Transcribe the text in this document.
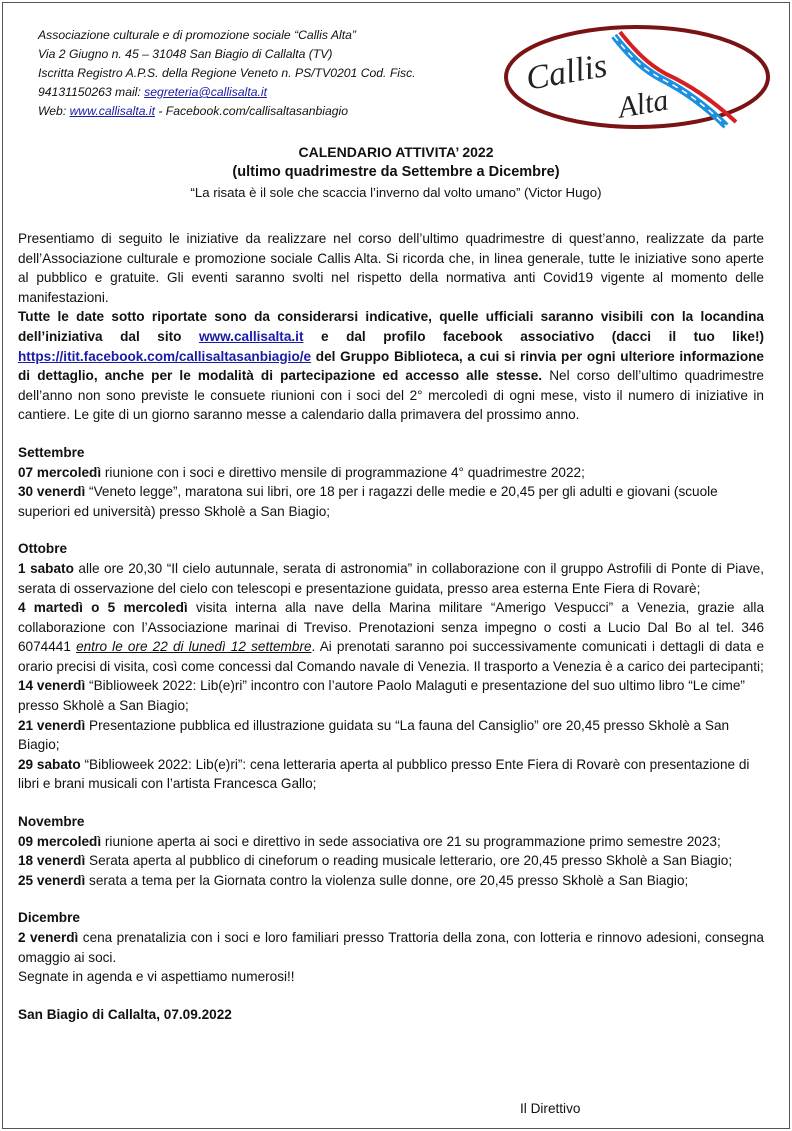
Associazione culturale e di promozione sociale “Callis Alta”
Via 2 Giugno n. 45 – 31048 San Biagio di Callalta (TV)
Iscritta Registro A.P.S. della Regione Veneto n. PS/TV0201 Cod. Fisc.
94131150263 mail: segreteria@callisalta.it
Web: www.callisalta.it - Facebook.com/callisaltasanbiagio
Callis
Alta
CALENDARIO ATTIVITA’ 2022
(ultimo quadrimestre da Settembre a Dicembre)
“La risata è il sole che scaccia l’inverno dal volto umano” (Victor Hugo)

Presentiamo di seguito le iniziative da realizzare nel corso dell’ultimo quadrimestre di quest’anno, realizzate da parte dell’Associazione culturale e promozione sociale Callis Alta. Si ricorda che, in linea generale, tutte le iniziative sono aperte al pubblico e gratuite. Gli eventi saranno svolti nel rispetto della normativa anti Covid19 vigente al momento delle manifestazioni.

Tutte le date sotto riportate sono da considerarsi indicative, quelle ufficiali saranno visibili con la locandina dell’iniziativa dal sito www.callisalta.it e dal profilo facebook associativo (dacci il tuo like!) https://itit.facebook.com/callisaltasanbiagio/e del Gruppo Biblioteca, a cui si rinvia per ogni ulteriore informazione di dettaglio, anche per le modalità di partecipazione ed accesso alle stesse. Nel corso dell’ultimo quadrimestre dell’anno non sono previste le consuete riunioni con i soci del 2° mercoledì di ogni mese, visto il numero di iniziative in cantiere. Le gite di un giorno saranno messe a calendario dalla primavera del prossimo anno.

Settembre

07 mercoledì riunione con i soci e direttivo mensile di programmazione 4° quadrimestre 2022;

30 venerdì “Veneto legge”, maratona sui libri, ore 18 per i ragazzi delle medie e 20,45 per gli adulti e giovani (scuole superiori ed università) presso Skholè a San Biagio;

Ottobre

1 sabato alle ore 20,30 “Il cielo autunnale, serata di astronomia” in collaborazione con il gruppo Astrofili di Ponte di Piave, serata di osservazione del cielo con telescopi e presentazione guidata, presso area esterna Ente Fiera di Rovarè;

4 martedì o 5 mercoledì visita interna alla nave della Marina militare “Amerigo Vespucci” a Venezia, grazie alla collaborazione con l’Associazione marinai di Treviso. Prenotazioni senza impegno o costi a Lucio Dal Bo al tel. 346 6074441 entro le ore 22 di lunedì 12 settembre. Ai prenotati saranno poi successivamente comunicati i dettagli di data e orario precisi di visita, così come concessi dal Comando navale di Venezia. Il trasporto a Venezia è a carico dei partecipanti;

14 venerdì “Biblioweek 2022: Lib(e)ri” incontro con l’autore Paolo Malaguti e presentazione del suo ultimo libro “Le cime” presso Skholè a San Biagio;

21 venerdì Presentazione pubblica ed illustrazione guidata su “La fauna del Cansiglio” ore 20,45 presso Skholè a San Biagio;

29 sabato “Biblioweek 2022: Lib(e)ri”: cena letteraria aperta al pubblico presso Ente Fiera di Rovarè con presentazione di libri e brani musicali con l’artista Francesca Gallo;

Novembre

09 mercoledì riunione aperta ai soci e direttivo in sede associativa ore 21 su programmazione primo semestre 2023;

18 venerdì Serata aperta al pubblico di cineforum o reading musicale letterario, ore 20,45 presso Skholè a San Biagio;

25 venerdì serata a tema per la Giornata contro la violenza sulle donne, ore 20,45 presso Skholè a San Biagio;

Dicembre

2 venerdì cena prenatalizia con i soci e loro familiari presso Trattoria della zona, con lotteria e rinnovo adesioni, consegna omaggio ai soci.

Segnate in agenda e vi aspettiamo numerosi!!

San Biagio di Callalta, 07.09.2022

Il Direttivo
